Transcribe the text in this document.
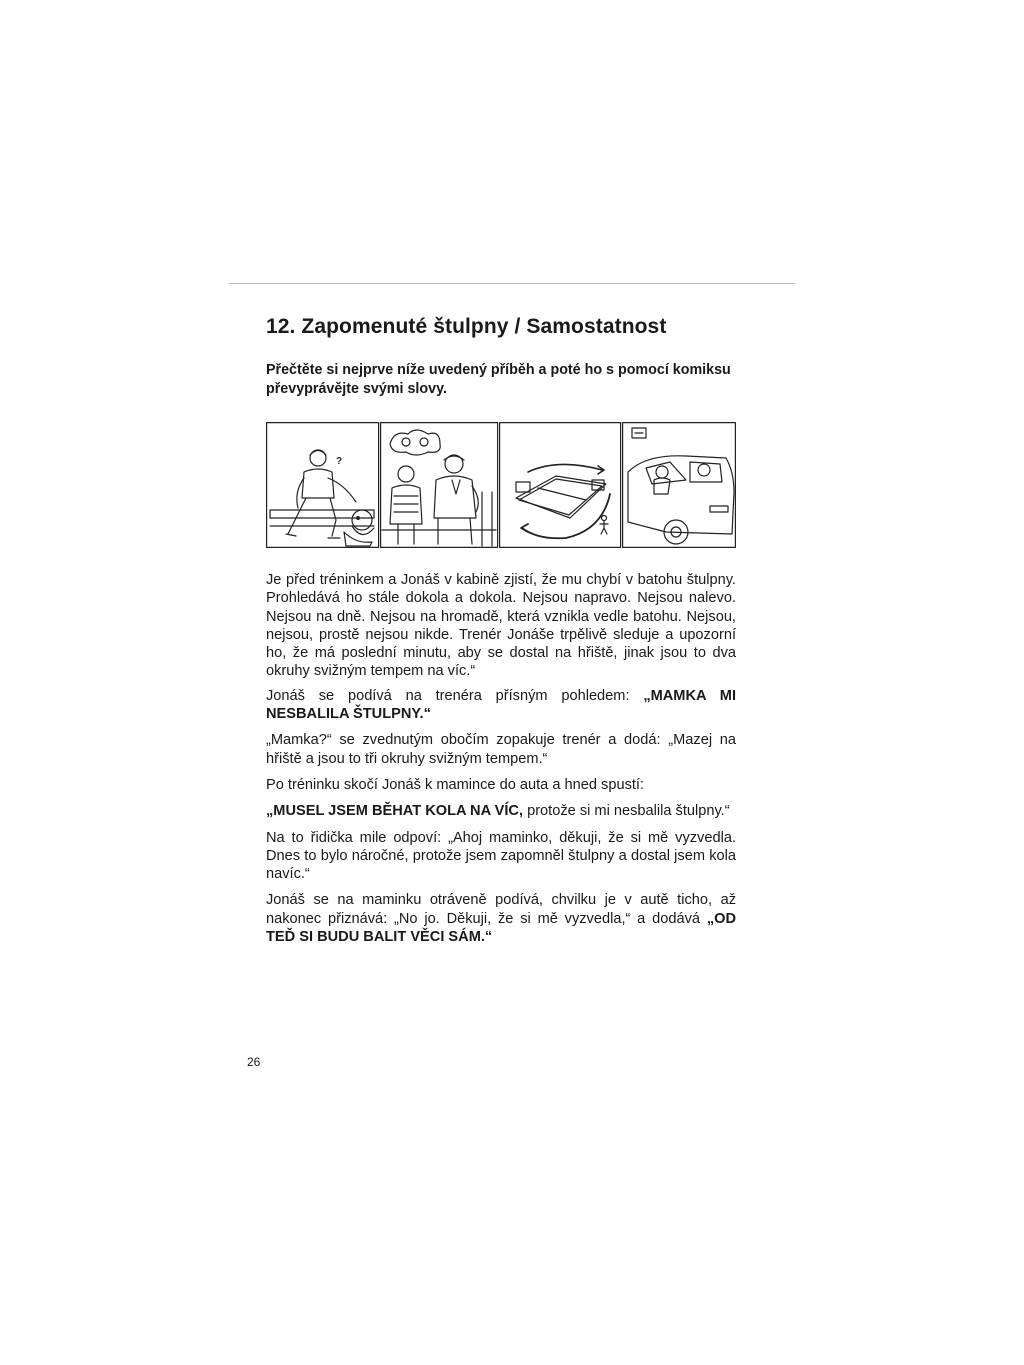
12. Zapomenuté štulpny / Samostatnost

Přečtěte si nejprve níže uvedený příběh a poté ho s pomocí komiksu převyprávějte svými slovy.

?

Je před tréninkem a Jonáš v kabině zjistí, že mu chybí v batohu štulpny. Prohledává ho stále dokola a dokola. Nejsou napravo. Nejsou nalevo. Nejsou na dně. Nejsou na hromadě, která vznikla vedle batohu. Nejsou, nejsou, prostě nejsou nikde. Trenér Jonáše trpělivě sleduje a upozorní ho, že má poslední minutu, aby se dostal na hřiště, jinak jsou to dva okruhy svižným tempem na víc.“

Jonáš se podívá na trenéra přísným pohledem: „MAMKA MI NESBALILA ŠTULPNY.“

„Mamka?“ se zvednutým obočím zopakuje trenér a dodá: „Mazej na hřiště a jsou to tři okruhy svižným tempem.“

Po tréninku skočí Jonáš k mamince do auta a hned spustí:

„MUSEL JSEM BĚHAT KOLA NA VÍC, protože si mi nesbalila štulpny.“

Na to řidička mile odpoví: „Ahoj maminko, děkuji, že si mě vyzvedla. Dnes to bylo náročné, protože jsem zapomněl štulpny a dostal jsem kola navíc.“

Jonáš se na maminku otráveně podívá, chvilku je v autě ticho, až nakonec přiznává: „No jo. Děkuji, že si mě vyzvedla,“ a dodává „OD TEĎ SI BUDU BALIT VĚCI SÁM.“

26
